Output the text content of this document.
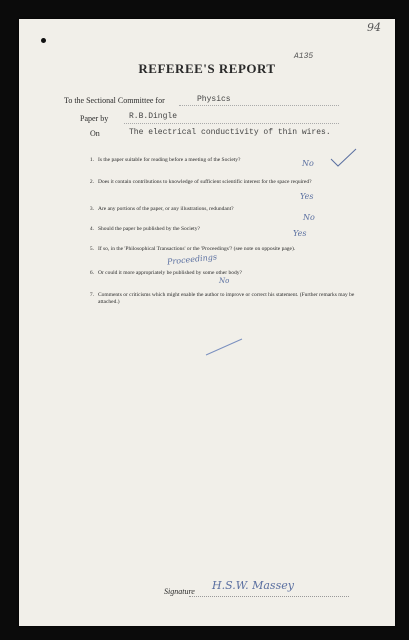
94
A135
REFEREE'S REPORT
To the Sectional Committee for	Physics
Paper by	R.B.Dingle
On	The electrical conductivity of thin wires.
1. Is the paper suitable for reading before a meeting of the Society?	No
2. Does it contain contributions to knowledge of sufficient scientific interest for the space required?
Yes
3. Are any portions of the paper, or any illustrations, redundant?
No
4. Should the paper be published by the Society?	Yes
5. If so, in the 'Philosophical Transactions' or the 'Proceedings'? (see note on opposite page).
Proceedings
6. Or could it more appropriately be published by some other body?
No
7. Comments or criticisms which might enable the author to improve or correct his statement. (Further remarks may be attached.)
Signature H.S.W. Massey
